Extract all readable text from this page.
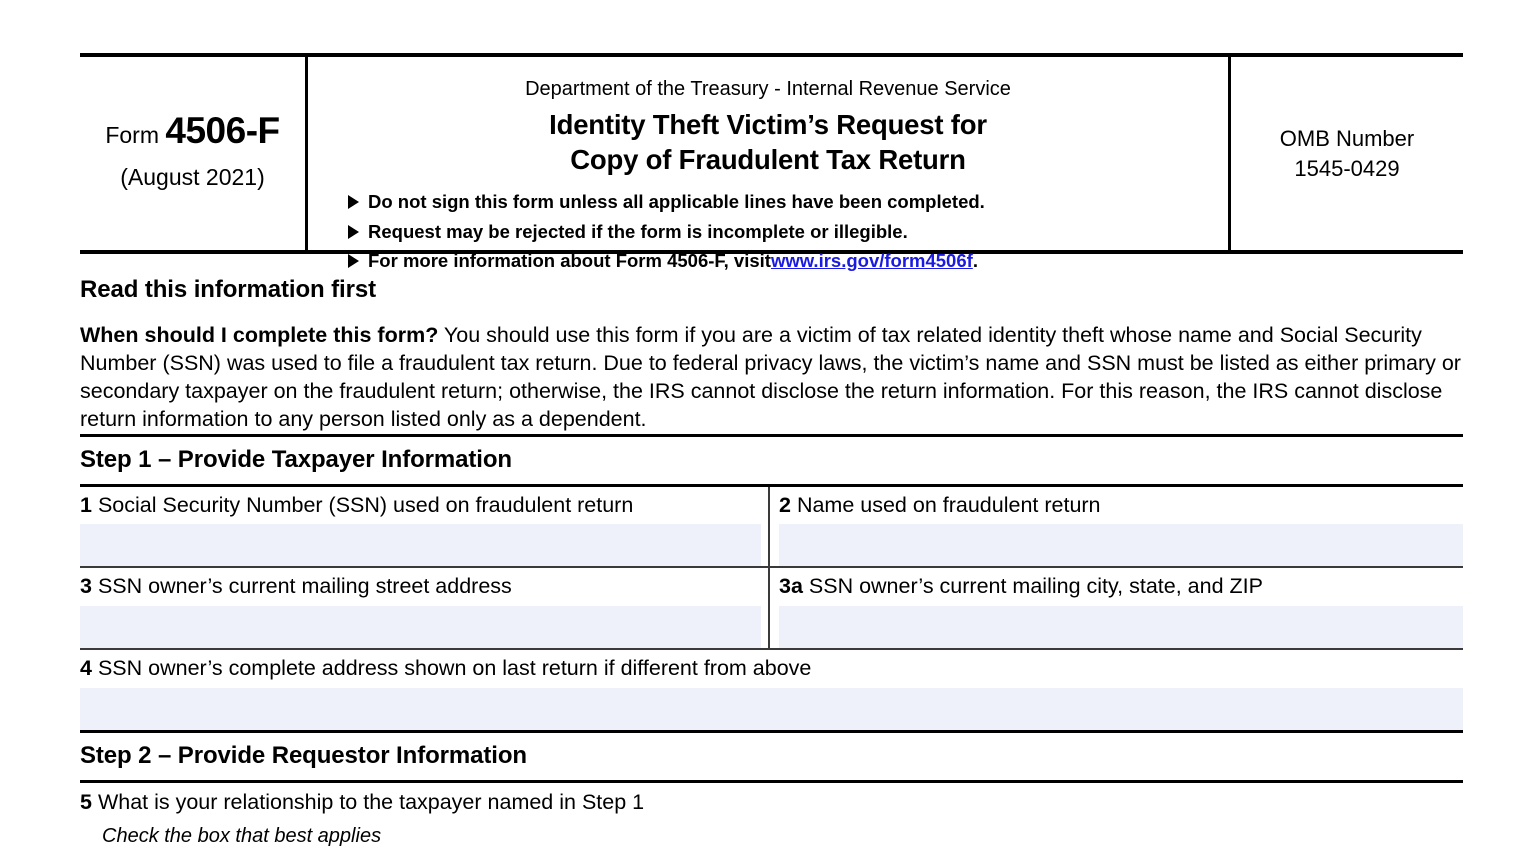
Form 4506-F
(August 2021)
Department of the Treasury - Internal Revenue Service
Identity Theft Victim’s Request for
Copy of Fraudulent Tax Return
Do not sign this form unless all applicable lines have been completed.
Request may be rejected if the form is incomplete or illegible.
For more information about Form 4506-F, visit www.irs.gov/form4506f .
OMB Number
1545-0429
Read this information first
When should I complete this form? You should use this form if you are a victim of tax related identity theft whose name and Social Security Number (SSN) was used to file a fraudulent tax return. Due to federal privacy laws, the victim’s name and SSN must be listed as either primary or secondary taxpayer on the fraudulent return; otherwise, the IRS cannot disclose the return information. For this reason, the IRS cannot disclose return information to any person listed only as a dependent.
Step 1 – Provide Taxpayer Information
1 Social Security Number (SSN) used on fraudulent return	2 Name used on fraudulent return
3 SSN owner’s current mailing street address	3a SSN owner’s current mailing city, state, and ZIP
4 SSN owner’s complete address shown on last return if different from above
Step 2 – Provide Requestor Information
5 What is your relationship to the taxpayer named in Step 1
Check the box that best applies
